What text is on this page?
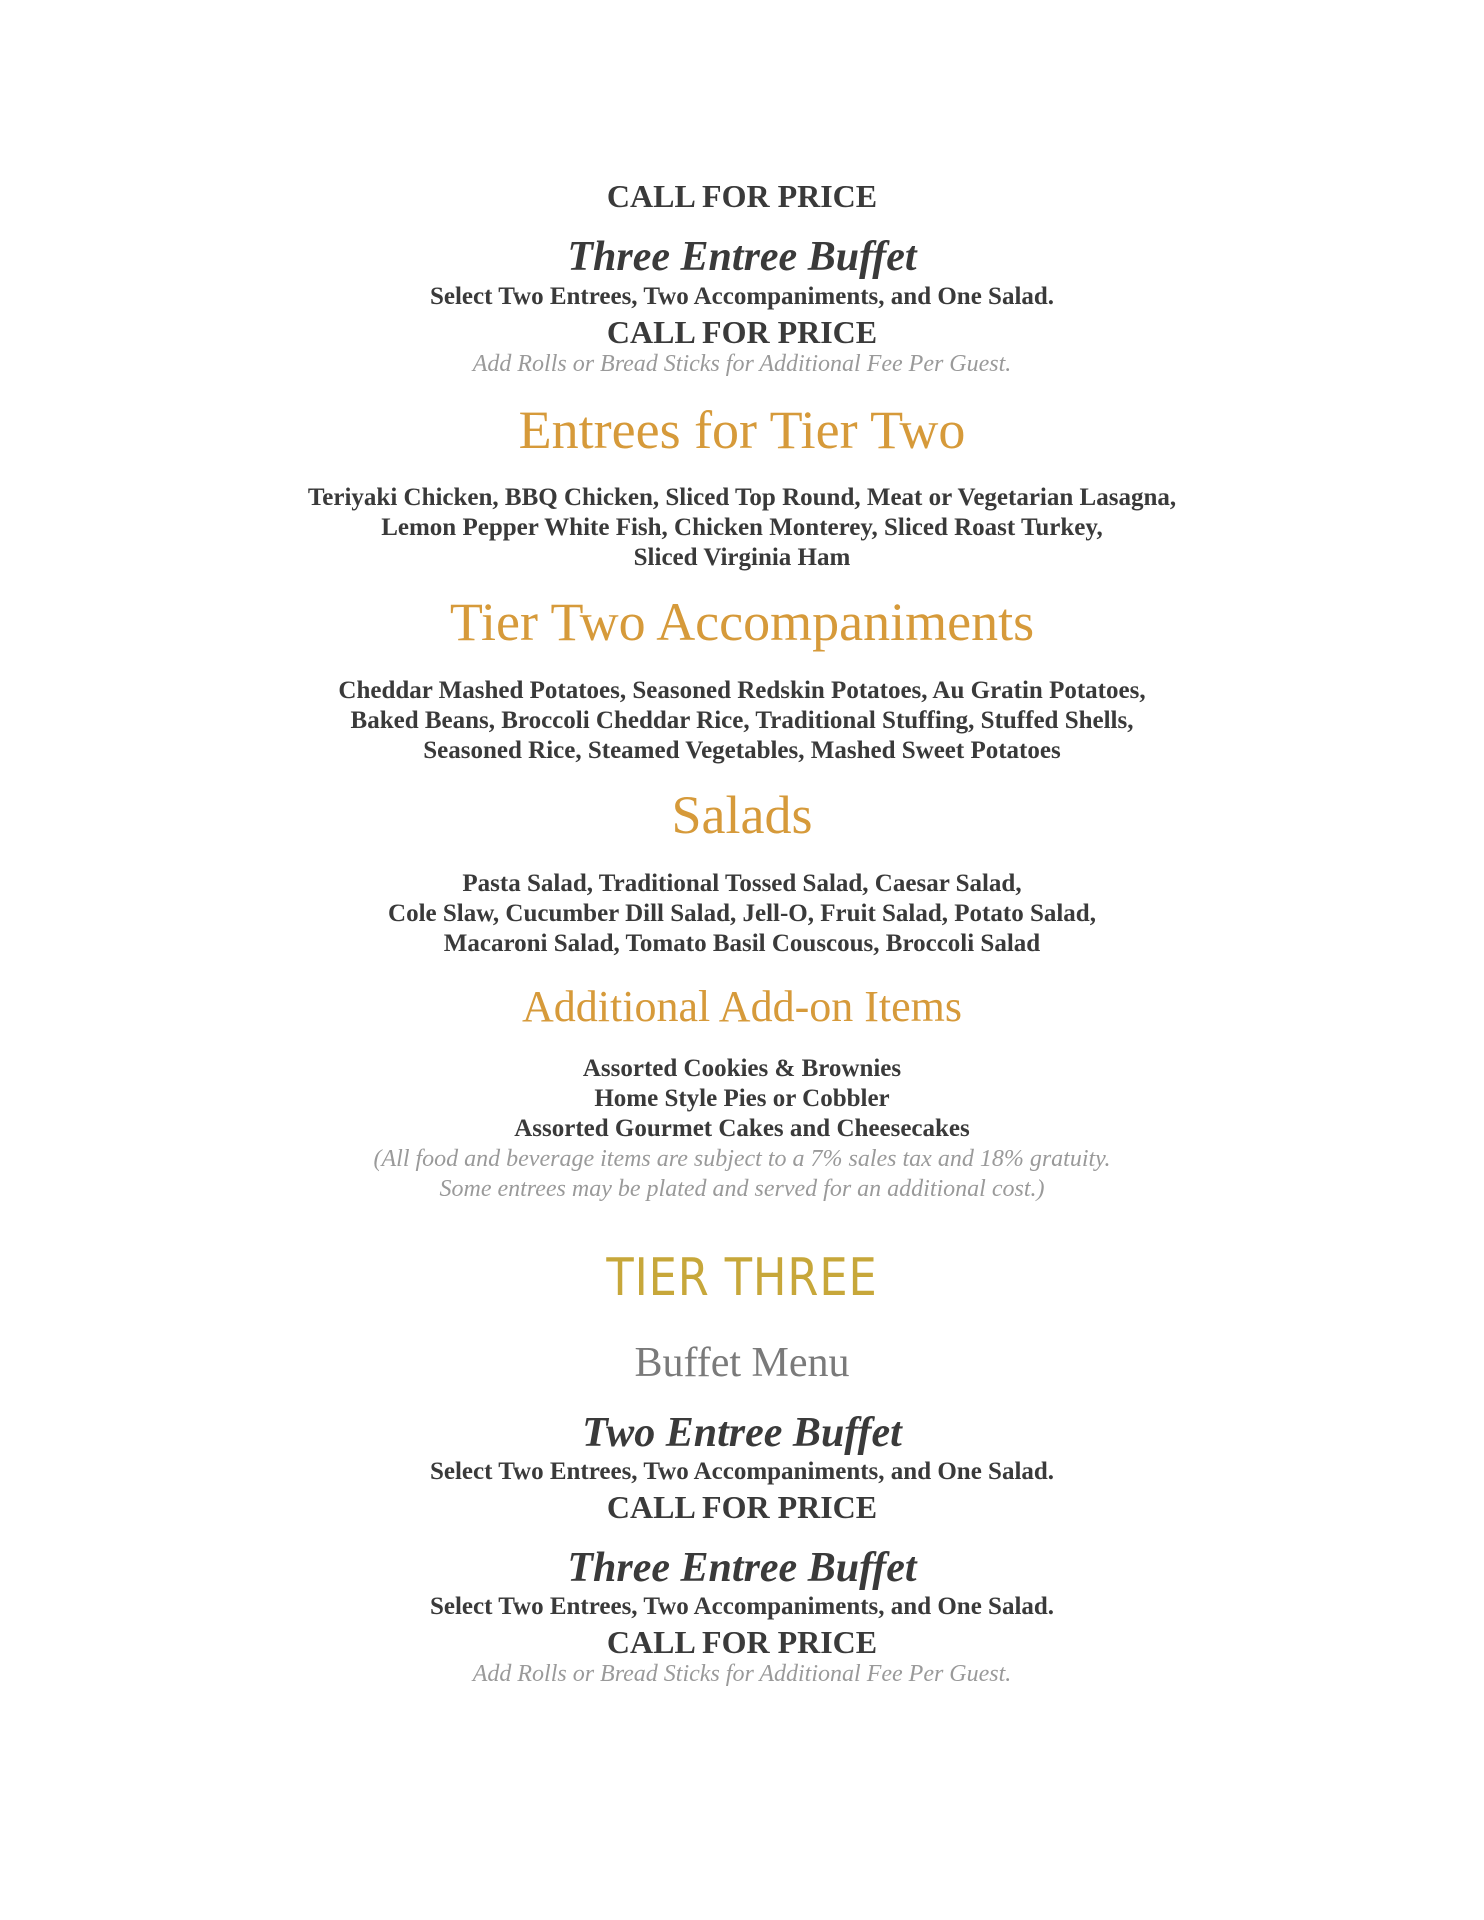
CALL FOR PRICE
Three Entree Buffet
Select Two Entrees, Two Accompaniments, and One Salad.
CALL FOR PRICE
Add Rolls or Bread Sticks for Additional Fee Per Guest.
Entrees for Tier Two
Teriyaki Chicken, BBQ Chicken, Sliced Top Round, Meat or Vegetarian Lasagna,
Lemon Pepper White Fish, Chicken Monterey, Sliced Roast Turkey,
Sliced Virginia Ham
Tier Two Accompaniments
Cheddar Mashed Potatoes, Seasoned Redskin Potatoes, Au Gratin Potatoes,
Baked Beans, Broccoli Cheddar Rice, Traditional Stuffing, Stuffed Shells,
Seasoned Rice, Steamed Vegetables, Mashed Sweet Potatoes
Salads
Pasta Salad, Traditional Tossed Salad, Caesar Salad,
Cole Slaw, Cucumber Dill Salad, Jell-O, Fruit Salad, Potato Salad,
Macaroni Salad, Tomato Basil Couscous, Broccoli Salad
Additional Add-on Items
Assorted Cookies & Brownies
Home Style Pies or Cobbler
Assorted Gourmet Cakes and Cheesecakes
(All food and beverage items are subject to a 7% sales tax and 18% gratuity.
Some entrees may be plated and served for an additional cost.)
TIER THREE
Buffet Menu
Two Entree Buffet
Select Two Entrees, Two Accompaniments, and One Salad.
CALL FOR PRICE
Three Entree Buffet
Select Two Entrees, Two Accompaniments, and One Salad.
CALL FOR PRICE
Add Rolls or Bread Sticks for Additional Fee Per Guest.
